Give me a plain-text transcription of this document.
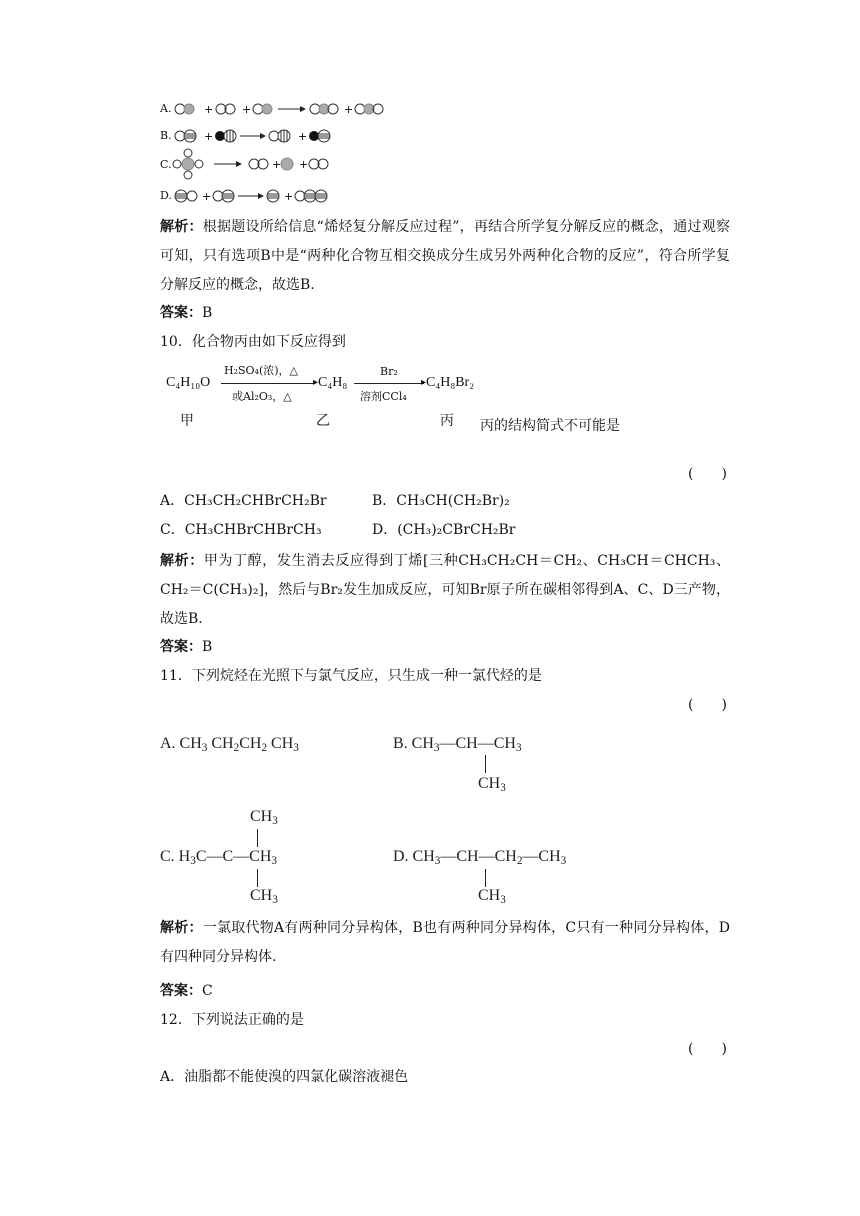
A.	+	+	+
B.	+	+
C.	+ +
D.	+	+
解析：根据题设所给信息“烯烃复分解反应过程”，再结合所学复分解反应的概念，通过观察可知，只有选项B中是“两种化合物互相交换成分生成另外两种化合物的反应”，符合所学复分解反应的概念，故选B.
答案：B
10．化合物丙由如下反应得到
C₄H₁₀O
H₂SO₄(浓)，△
▸
或Al₂O₃，△
C₄H₈
Br₂
▸
溶剂CCl₄
C₄H₈Br₂
甲	乙	丙 丙的结构简式不可能是
(　　)
A．CH₃CH₂CHBrCH₂Br	B．CH₃CH(CH₂Br)₂
C．CH₃CHBrCHBrCH₃	D．(CH₃)₂CBrCH₂Br
解析：甲为丁醇，发生消去反应得到丁烯[三种CH₃CH₂CH＝CH₂、CH₃CH＝CHCH₃、CH₂＝C(CH₃)₂]，然后与Br₂发生加成反应，可知Br原子所在碳相邻得到A、C、D三产物，故选B.
答案：B
11．下列烷烃在光照下与氯气反应，只生成一种一氯代烃的是
(　　)
A. $CH_3$ $CH_2CH_2$ $CH_3$	B. $CH_3—CH—CH_3$
$CH_3$
$CH_3$
C. $H_3C—C—CH_3$
$CH_3$
D. $CH_3—CH—CH_2—CH_3$
$CH_3$
解析：一氯取代物A有两种同分异构体，B也有两种同分异构体，C只有一种同分异构体，D有四种同分异构体.
答案：C
12．下列说法正确的是
(　　)
A．油脂都不能使溴的四氯化碳溶液褪色
